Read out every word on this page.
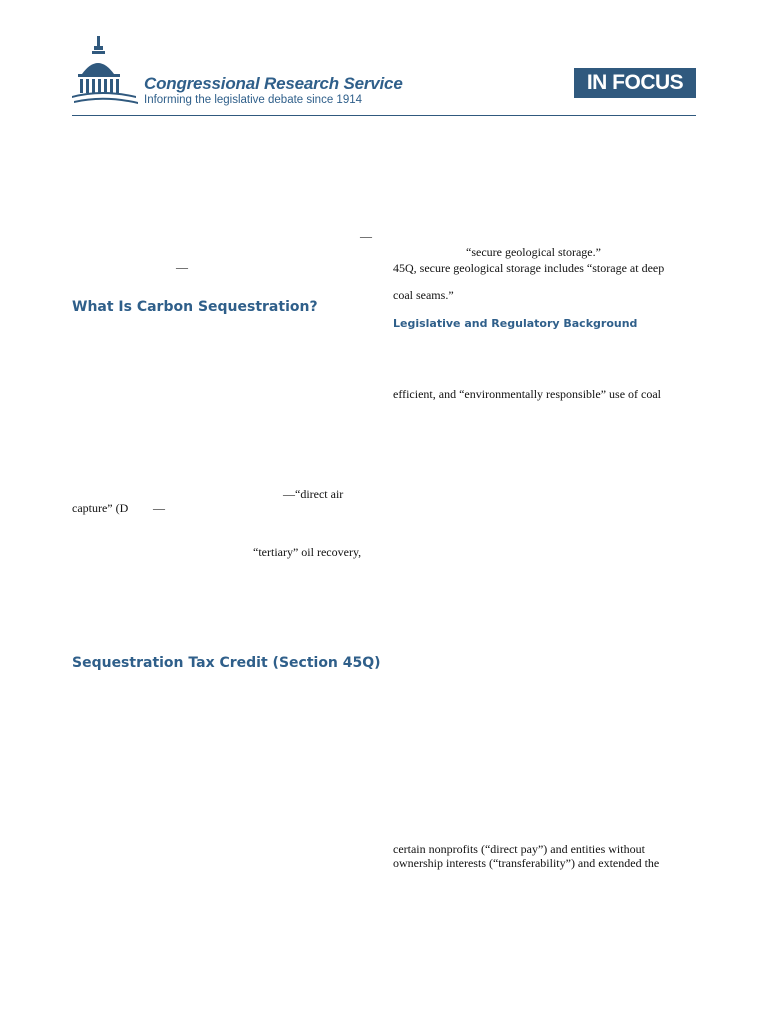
Congressional Research Service
Informing the legislative debate since 1914
IN FOCUS
—
—
What Is Carbon Sequestration?
—“direct air
capture” (D —
“tertiary” oil recovery,
Sequestration Tax Credit (Section 45Q)
“secure geological storage.”
45Q, secure geological storage includes “storage at deep
coal seams.”
Legislative and Regulatory Background
efficient, and “environmentally responsible” use of coal
certain nonprofits (“direct pay”) and entities without
ownership interests (“transferability”) and extended the
